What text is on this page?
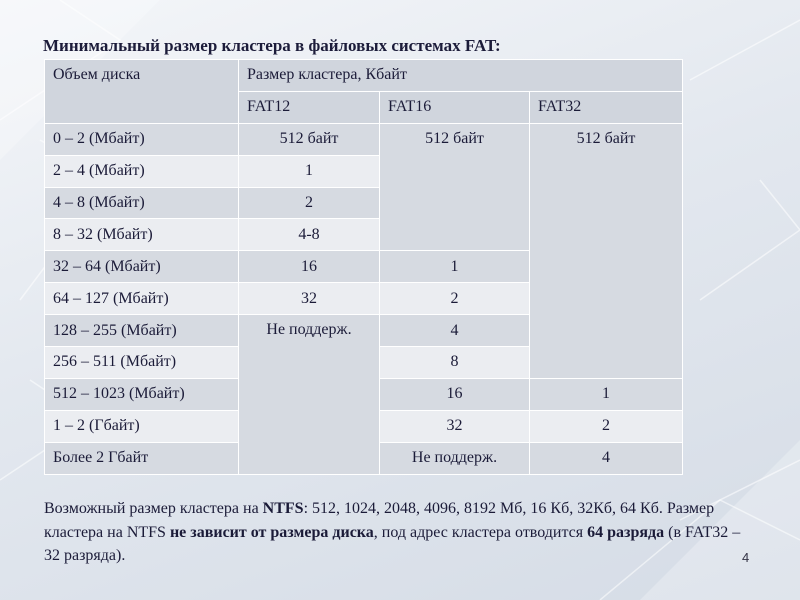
Минимальный размер кластера в файловых системах FAT:
Объем диска	Размер кластера, Кбайт		
	FAT12	FAT16	FAT32
0 – 2 (Мбайт)	512 байт	512 байт	512 байт
2 – 4 (Мбайт)	1		
4 – 8 (Мбайт)	2		
8 – 32 (Мбайт)	4-8		
32 – 64 (Мбайт)	16	1	
64 – 127 (Мбайт)	32	2	
128 – 255 (Мбайт)	Не поддерж.	4	
256 – 511 (Мбайт)		8	
512 – 1023 (Мбайт)		16	1
1 – 2 (Гбайт)		32	2
Более 2 Гбайт		Не поддерж.	4
Возможный размер кластера на NTFS: 512, 1024, 2048, 4096, 8192 Мб, 16 Кб, 32Кб, 64 Кб. Размер кластера на NTFS не зависит от размера диска, под адрес кластера отводится 64 разряда (в FAT32 – 32 разряда).	4
